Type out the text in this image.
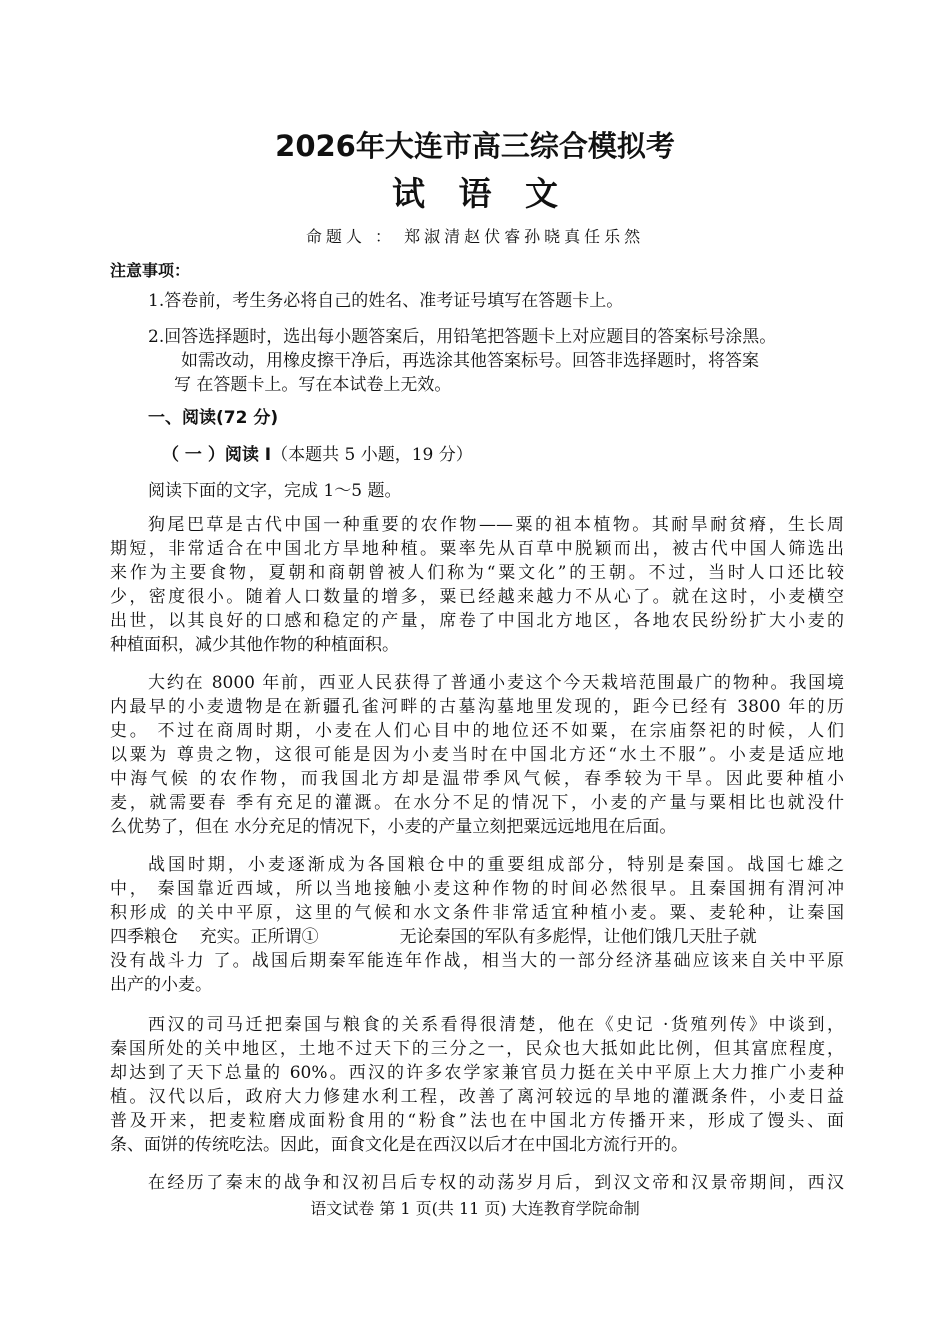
2026年大连市高三综合模拟考
试 语 文
命题人 ： 郑淑清赵伏睿孙晓真任乐然
注意事项：
1.答卷前，考生务必将自己的姓名、准考证号填写在答题卡上。
2.回答选择题时，选出每小题答案后，用铅笔把答题卡上对应题目的答案标号涂黑。
如需改动，用橡皮擦干净后，再选涂其他答案标号。回答非选择题时，将答案
写 在答题卡上。写在本试卷上无效。
一、阅读(72 分)
（ 一 ）阅读 I（本题共 5 小题，19 分）
阅读下面的文字，完成 1～5 题。
狗尾巴草是古代中国一种重要的农作物——粟的祖本植物。其耐旱耐贫瘠，生长周
期短，非常适合在中国北方旱地种植。粟率先从百草中脱颖而出，被古代中国人筛选出
来作为主要食物，夏朝和商朝曾被人们称为“粟文化”的王朝。不过，当时人口还比较
少，密度很小。随着人口数量的增多，粟已经越来越力不从心了。就在这时，小麦横空
出世，以其良好的口感和稳定的产量，席卷了中国北方地区，各地农民纷纷扩大小麦的
种植面积，减少其他作物的种植面积。
大约在 8000 年前，西亚人民获得了普通小麦这个今天栽培范围最广的物种。我国境
内最早的小麦遗物是在新疆孔雀河畔的古墓沟墓地里发现的，距今已经有 3800 年的历
史。 不过在商周时期，小麦在人们心目中的地位还不如粟，在宗庙祭祀的时候，人们
以粟为 尊贵之物，这很可能是因为小麦当时在中国北方还“水土不服”。小麦是适应地
中海气候 的农作物，而我国北方却是温带季风气候，春季较为干旱。因此要种植小
麦，就需要春 季有充足的灌溉。在水分不足的情况下，小麦的产量与粟相比也就没什
么优势了，但在 水分充足的情况下，小麦的产量立刻把粟远远地甩在后面。
战国时期，小麦逐渐成为各国粮仓中的重要组成部分，特别是秦国。战国七雄之
中， 秦国靠近西域，所以当地接触小麦这种作物的时间必然很早。且秦国拥有渭河冲
积形成 的关中平原，这里的气候和水文条件非常适宜种植小麦。粟、麦轮种，让秦国
四季粮仓    充实。正所谓①               无论秦国的军队有多彪悍，让他们饿几天肚子就
没有战斗力 了。战国后期秦军能连年作战，相当大的一部分经济基础应该来自关中平原
出产的小麦。
西汉的司马迁把秦国与粮食的关系看得很清楚，他在《史记 ·货殖列传》中谈到，
秦国所处的关中地区，土地不过天下的三分之一，民众也大抵如此比例，但其富庶程度，
却达到了天下总量的 60%。西汉的许多农学家兼官员力挺在关中平原上大力推广小麦种
植。汉代以后，政府大力修建水利工程，改善了离河较远的旱地的灌溉条件，小麦日益
普及开来，把麦粒磨成面粉食用的“粉食”法也在中国北方传播开来，形成了馒头、面
条、面饼的传统吃法。因此，面食文化是在西汉以后才在中国北方流行开的。
在经历了秦末的战争和汉初吕后专权的动荡岁月后，到汉文帝和汉景帝期间，西汉
语文试卷 第 1 页(共 11 页) 大连教育学院命制
